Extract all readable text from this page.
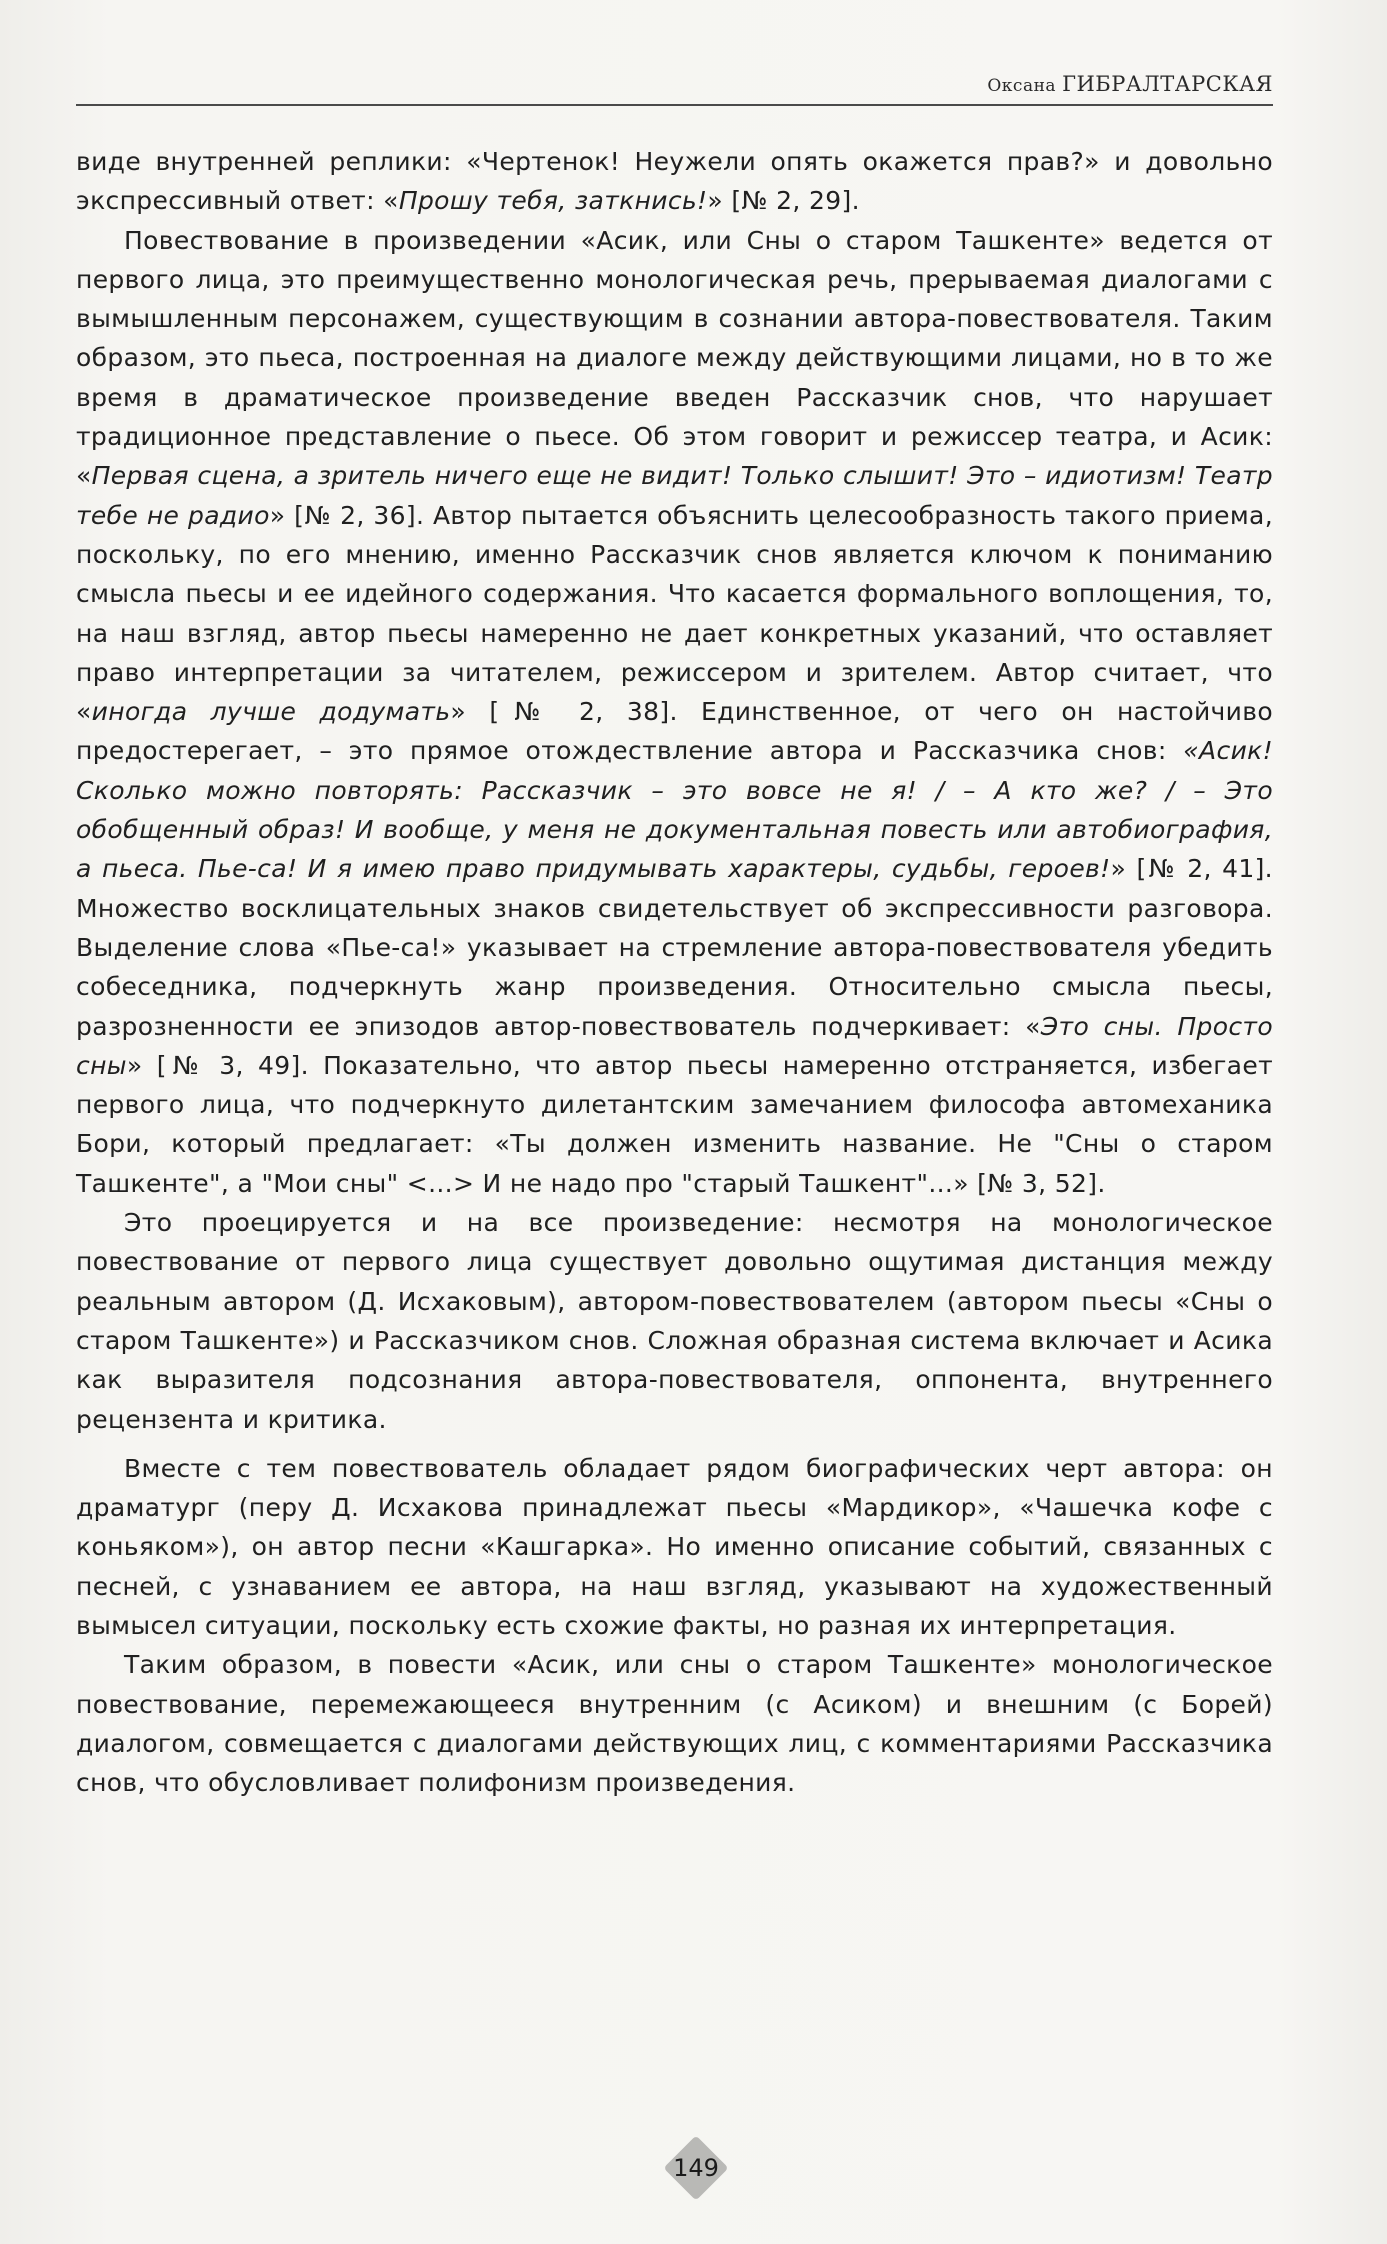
Оксана ГИБРАЛТАРСКАЯ

виде внутренней реплики: «Чертенок! Неужели опять окажется прав?» и довольно экспрессивный ответ: «Прошу тебя, заткнись!» [№ 2, 29].

Повествование в произведении «Асик, или Сны о старом Ташкенте» ведется от первого лица, это преимущественно монологическая речь, прерываемая диалогами с вымышленным персонажем, существующим в сознании автора-повествователя. Таким образом, это пьеса, построенная на диалоге между действующими лицами, но в то же время в драматическое произведение введен Рассказчик снов, что нарушает традиционное представление о пьесе. Об этом говорит и режиссер театра, и Асик: «Первая сцена, а зритель ничего еще не видит! Только слышит! Это – идиотизм! Театр тебе не радио» [№ 2, 36]. Автор пытается объяснить целесообразность такого приема, поскольку, по его мнению, именно Рассказчик снов является ключом к пониманию смысла пьесы и ее идейного содержания. Что касается формального воплощения, то, на наш взгляд, автор пьесы намеренно не дает конкретных указаний, что оставляет право интерпретации за читателем, режиссером и зрителем. Автор считает, что «иногда лучше додумать» [№ 2, 38]. Единственное, от чего он настойчиво предостерегает, – это прямое отождествление автора и Рассказчика снов: «Асик! Сколько можно повторять: Рассказчик – это вовсе не я! / – А кто же? / – Это обобщенный образ! И вообще, у меня не документальная повесть или автобиография, а пьеса. Пье-са! И я имею право придумывать характеры, судьбы, героев!» [№ 2, 41]. Множество восклицательных знаков свидетельствует об экспрессивности разговора. Выделение слова «Пье-са!» указывает на стремление автора-повествователя убедить собеседника, подчеркнуть жанр произведения. Относительно смысла пьесы, разрозненности ее эпизодов автор-повествователь подчеркивает: «Это сны. Просто сны» [№ 3, 49]. Показательно, что автор пьесы намеренно отстраняется, избегает первого лица, что подчеркнуто дилетантским замечанием философа автомеханика Бори, который предлагает: «Ты должен изменить название. Не "Сны о старом Ташкенте", а "Мои сны" <...> И не надо про "старый Ташкент"...» [№ 3, 52].

Это проецируется и на все произведение: несмотря на монологическое повествование от первого лица существует довольно ощутимая дистанция между реальным автором (Д. Исхаковым), автором-повествователем (автором пьесы «Сны о старом Ташкенте») и Рассказчиком снов. Сложная образная система включает и Асика как выразителя подсознания автора-повествователя, оппонента, внутреннего рецензента и критика.

Вместе с тем повествователь обладает рядом биографических черт автора: он драматург (перу Д. Исхакова принадлежат пьесы «Мардикор», «Чашечка кофе с коньяком»), он автор песни «Кашгарка». Но именно описание событий, связанных с песней, с узнаванием ее автора, на наш взгляд, указывают на художественный вымысел ситуации, поскольку есть схожие факты, но разная их интерпретация.

Таким образом, в повести «Асик, или сны о старом Ташкенте» монологическое повествование, перемежающееся внутренним (с Асиком) и внешним (с Борей) диалогом, совмещается с диалогами действующих лиц, с комментариями Рассказчика снов, что обусловливает полифонизм произведения.

149
